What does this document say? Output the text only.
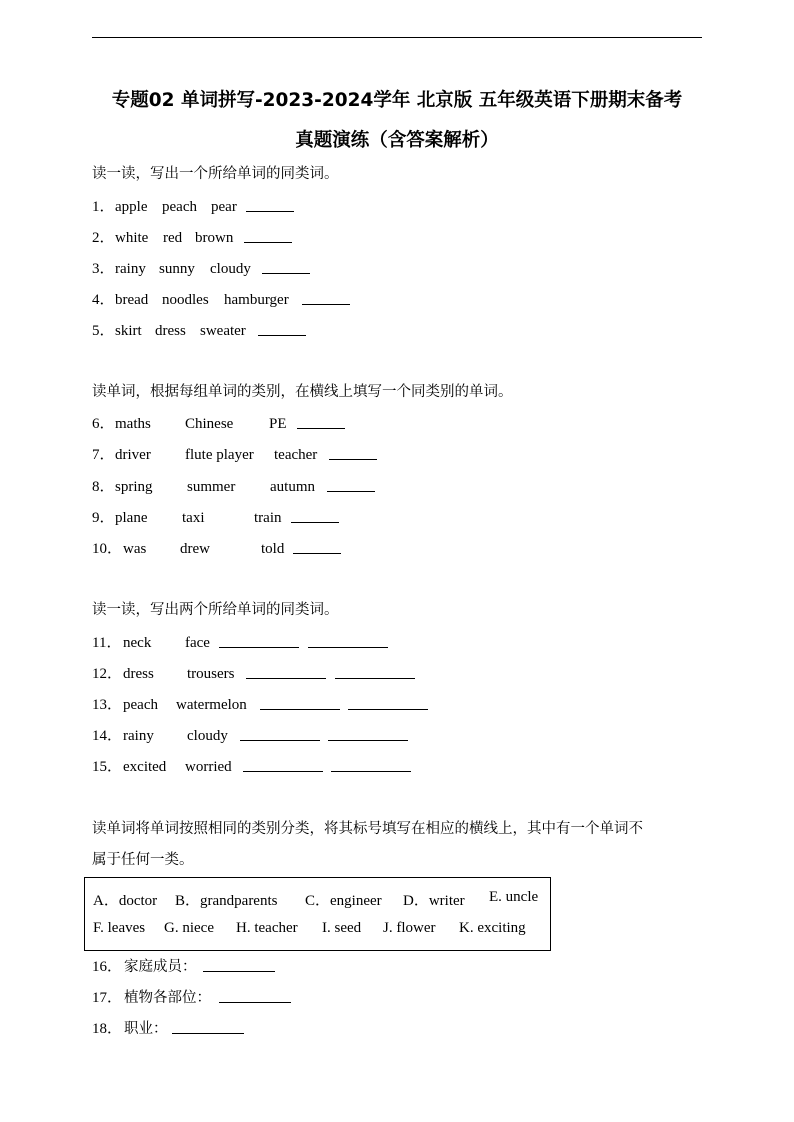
专题02 单词拼写-2023-2024学年 北京版 五年级英语下册期末备考
真题演练（含答案解析）
读一读，写出一个所给单词的同类词。
1． apple peach pear
2． white red brown
3． rainy sunny cloudy
4． bread noodles hamburger
5． skirt dress sweater
读单词，根据每组单词的类别，在横线上填写一个同类别的单词。
6． maths Chinese PE
7． driver flute player teacher
8． spring summer autumn
9． plane taxi	train
10． was drew	told
读一读，写出两个所给单词的同类词。
11． neck face
12． dress trousers
13． peach watermelon
14． rainy cloudy
15． excited worried
读单词将单词按照相同的类别分类，将其标号填写在相应的横线上，其中有一个单词不
属于任何一类。
A．doctor B．grandparents C．engineer D．writer E. uncle
F. leaves G. niece H. teacher I. seed J. flower K. exciting
16． 家庭成员：
17． 植物各部位：
18． 职业：
